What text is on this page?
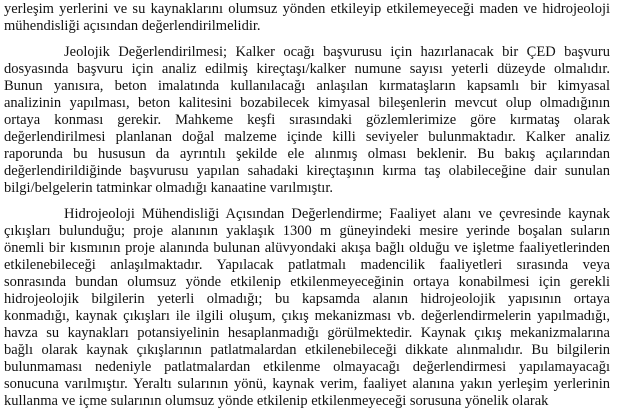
yerleşim yerlerini ve su kaynaklarını olumsuz yönden etkileyip etkilemeyeceği maden ve hidrojeoloji
mühendisliği açısından değerlendirilmelidir.
Jeolojik Değerlendirilmesi; Kalker ocağı başvurusu için hazırlanacak bir ÇED başvuru
dosyasında başvuru için analiz edilmiş kireçtaşı/kalker numune sayısı yeterli düzeyde olmalıdır.
Bunun yanısıra, beton imalatında kullanılacağı anlaşılan kırmataşların kapsamlı bir kimyasal
analizinin yapılması, beton kalitesini bozabilecek kimyasal bileşenlerin mevcut olup olmadığının
ortaya konması gerekir. Mahkeme keşfi sırasındaki gözlemlerimize göre kırmataş olarak
değerlendirilmesi planlanan doğal malzeme içinde killi seviyeler bulunmaktadır. Kalker analiz
raporunda bu hususun da ayrıntılı şekilde ele alınmış olması beklenir. Bu bakış açılarından
değerlendirildiğinde başvurusu yapılan sahadaki kireçtaşının kırma taş olabileceğine dair sunulan
bilgi/belgelerin tatminkar olmadığı kanaatine varılmıştır.
Hidrojeoloji Mühendisliği Açısından Değerlendirme; Faaliyet alanı ve çevresinde kaynak
çıkışları bulunduğu; proje alanının yaklaşık 1300 m güneyindeki mesire yerinde boşalan suların
önemli bir kısmının proje alanında bulunan alüvyondaki akışa bağlı olduğu ve işletme faaliyetlerinden
etkilenebileceği anlaşılmaktadır. Yapılacak patlatmalı madencilik faaliyetleri sırasında veya
sonrasında bundan olumsuz yönde etkilenip etkilenmeyeceğinin ortaya konabilmesi için gerekli
hidrojeolojik bilgilerin yeterli olmadığı; bu kapsamda alanın hidrojeolojik yapısının ortaya
konmadığı, kaynak çıkışları ile ilgili oluşum, çıkış mekanizması vb. değerlendirmelerin yapılmadığı,
havza su kaynakları potansiyelinin hesaplanmadığı görülmektedir. Kaynak çıkış mekanizmalarına
bağlı olarak kaynak çıkışlarının patlatmalardan etkilenebileceği dikkate alınmalıdır. Bu bilgilerin
bulunmaması nedeniyle patlatmalardan etkilenme olmayacağı değerlendirmesi yapılamayacağı
sonucuna varılmıştır. Yeraltı sularının yönü, kaynak verim, faaliyet alanına yakın yerleşim yerlerinin
kullanma ve içme sularının olumsuz yönde etkilenip etkilenmeyeceği sorusuna yönelik olarak
